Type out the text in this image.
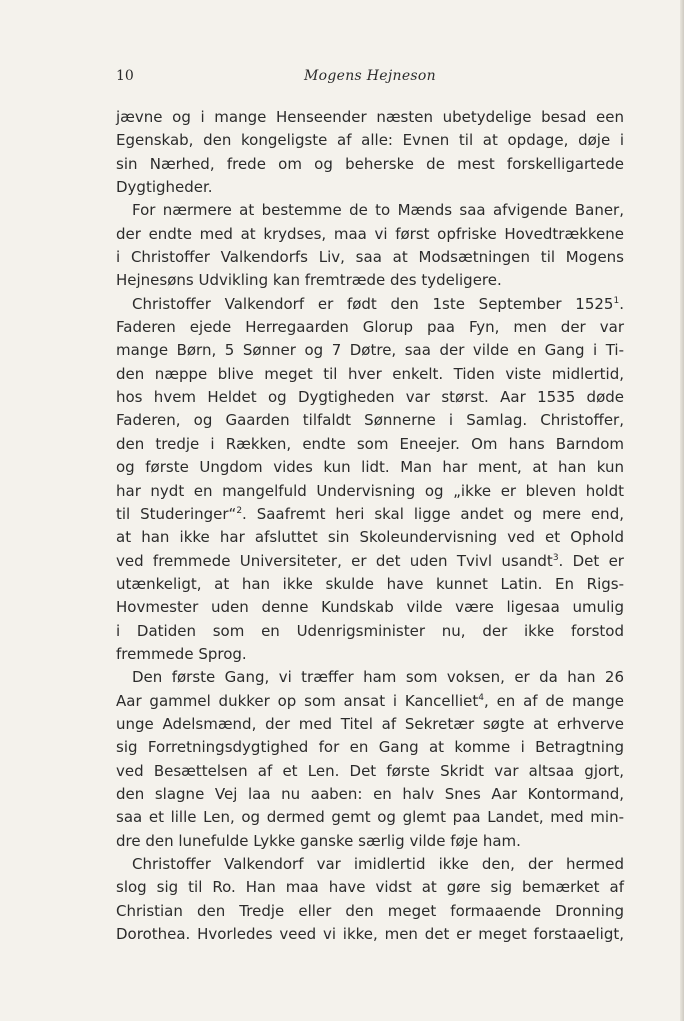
10	Mogens Hejneson
jævne og i mange Henseender næsten ubetydelige besad een
Egenskab, den kongeligste af alle: Evnen til at opdage, døje i
sin Nærhed, frede om og beherske de mest forskelligartede
Dygtigheder.
For nærmere at bestemme de to Mænds saa afvigende Baner,
der endte med at krydses, maa vi først opfriske Hovedtrækkene
i Christoffer Valkendorfs Liv, saa at Modsætningen til Mogens
Hejnesøns Udvikling kan fremtræde des tydeligere.
Christoffer Valkendorf er født den 1ste September 1525$^1$.
Faderen ejede Herregaarden Glorup paa Fyn, men der var
mange Børn, 5 Sønner og 7 Døtre, saa der vilde en Gang i Ti-
den næppe blive meget til hver enkelt. Tiden viste midlertid,
hos hvem Heldet og Dygtigheden var størst. Aar 1535 døde
Faderen, og Gaarden tilfaldt Sønnerne i Samlag. Christoffer,
den tredje i Rækken, endte som Eneejer. Om hans Barndom
og første Ungdom vides kun lidt. Man har ment, at han kun
har nydt en mangelfuld Undervisning og „ikke er bleven holdt
til Studeringer“$^2$. Saafremt heri skal ligge andet og mere end,
at han ikke har afsluttet sin Skoleundervisning ved et Ophold
ved fremmede Universiteter, er det uden Tvivl usandt$^3$. Det er
utænkeligt, at han ikke skulde have kunnet Latin. En Rigs-
Hovmester uden denne Kundskab vilde være ligesaa umulig
i Datiden som en Udenrigsminister nu, der ikke forstod
fremmede Sprog.
Den første Gang, vi træffer ham som voksen, er da han 26
Aar gammel dukker op som ansat i Kancelliet$^4$, en af de mange
unge Adelsmænd, der med Titel af Sekretær søgte at erhverve
sig Forretningsdygtighed for en Gang at komme i Betragtning
ved Besættelsen af et Len. Det første Skridt var altsaa gjort,
den slagne Vej laa nu aaben: en halv Snes Aar Kontormand,
saa et lille Len, og dermed gemt og glemt paa Landet, med min-
dre den lunefulde Lykke ganske særlig vilde føje ham.
Christoffer Valkendorf var imidlertid ikke den, der hermed
slog sig til Ro. Han maa have vidst at gøre sig bemærket af
Christian den Tredje eller den meget formaaende Dronning
Dorothea. Hvorledes veed vi ikke, men det er meget forstaaeligt,
